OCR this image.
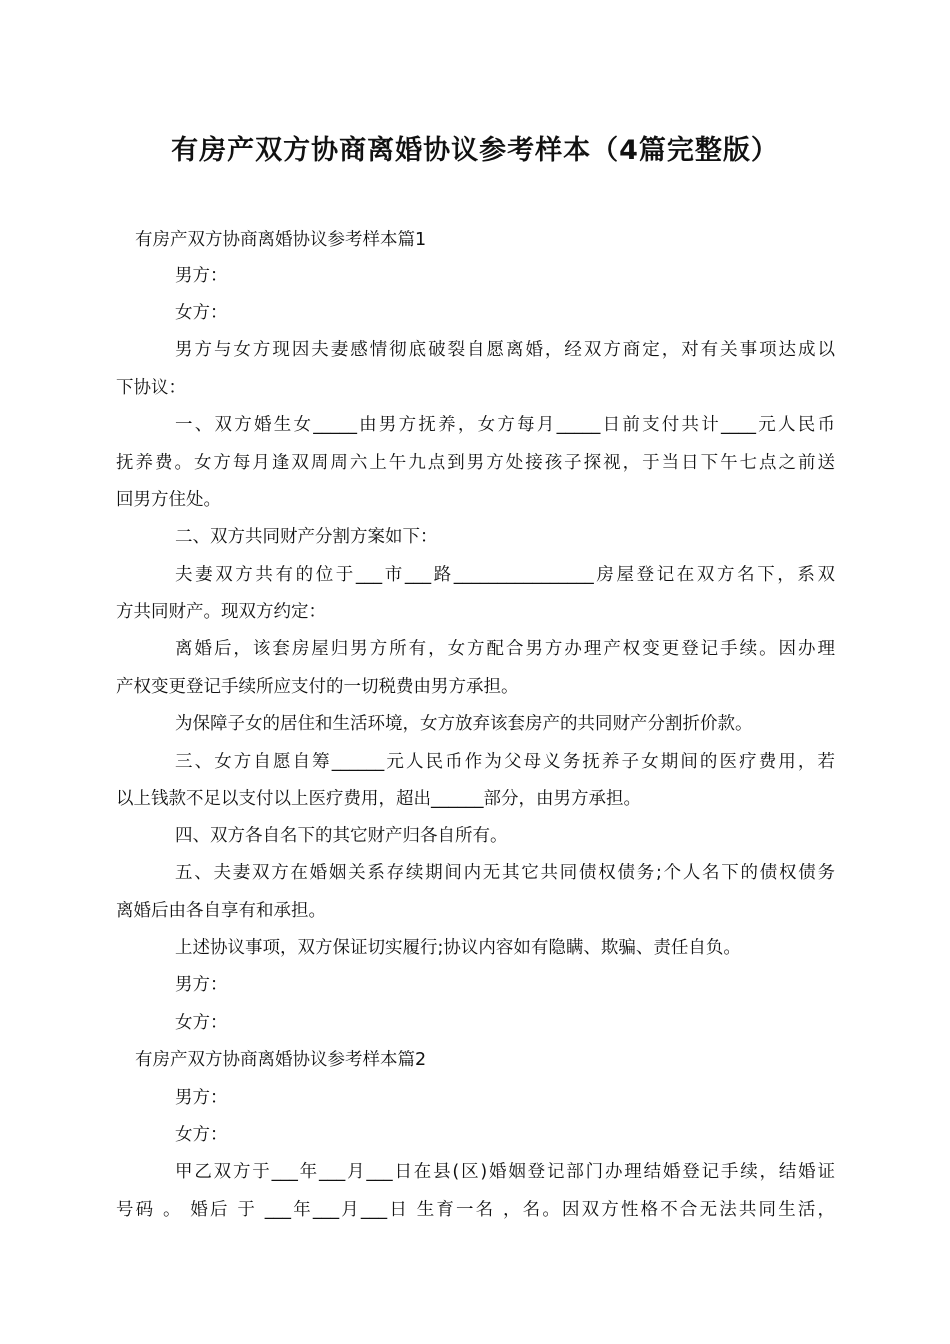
有房产双方协商离婚协议参考样本（4篇完整版）
有房产双方协商离婚协议参考样本篇1
男方：
女方：
男方与女方现因夫妻感情彻底破裂自愿离婚，经双方商定，对有关事项达成以
下协议：
一、双方婚生女_____由男方抚养，女方每月_____日前支付共计____元人民币
抚养费。女方每月逢双周周六上午九点到男方处接孩子探视，于当日下午七点之前送
回男方住处。
二、双方共同财产分割方案如下：
夫妻双方共有的位于___市___路________________房屋登记在双方名下，系双
方共同财产。现双方约定：
离婚后，该套房屋归男方所有，女方配合男方办理产权变更登记手续。因办理
产权变更登记手续所应支付的一切税费由男方承担。
为保障子女的居住和生活环境，女方放弃该套房产的共同财产分割折价款。
三、女方自愿自筹______元人民币作为父母义务抚养子女期间的医疗费用，若
以上钱款不足以支付以上医疗费用，超出______部分，由男方承担。
四、双方各自名下的其它财产归各自所有。
五、夫妻双方在婚姻关系存续期间内无其它共同债权债务;个人名下的债权债务
离婚后由各自享有和承担。
上述协议事项，双方保证切实履行;协议内容如有隐瞒、欺骗、责任自负。
男方：
女方：
有房产双方协商离婚协议参考样本篇2
男方：
女方：
甲乙双方于___年___月___日在县(区)婚姻登记部门办理结婚登记手续，结婚证
号码 。 婚后 于 ___年___月___日 生育一名 ，名。因双方性格不合无法共同生活，
